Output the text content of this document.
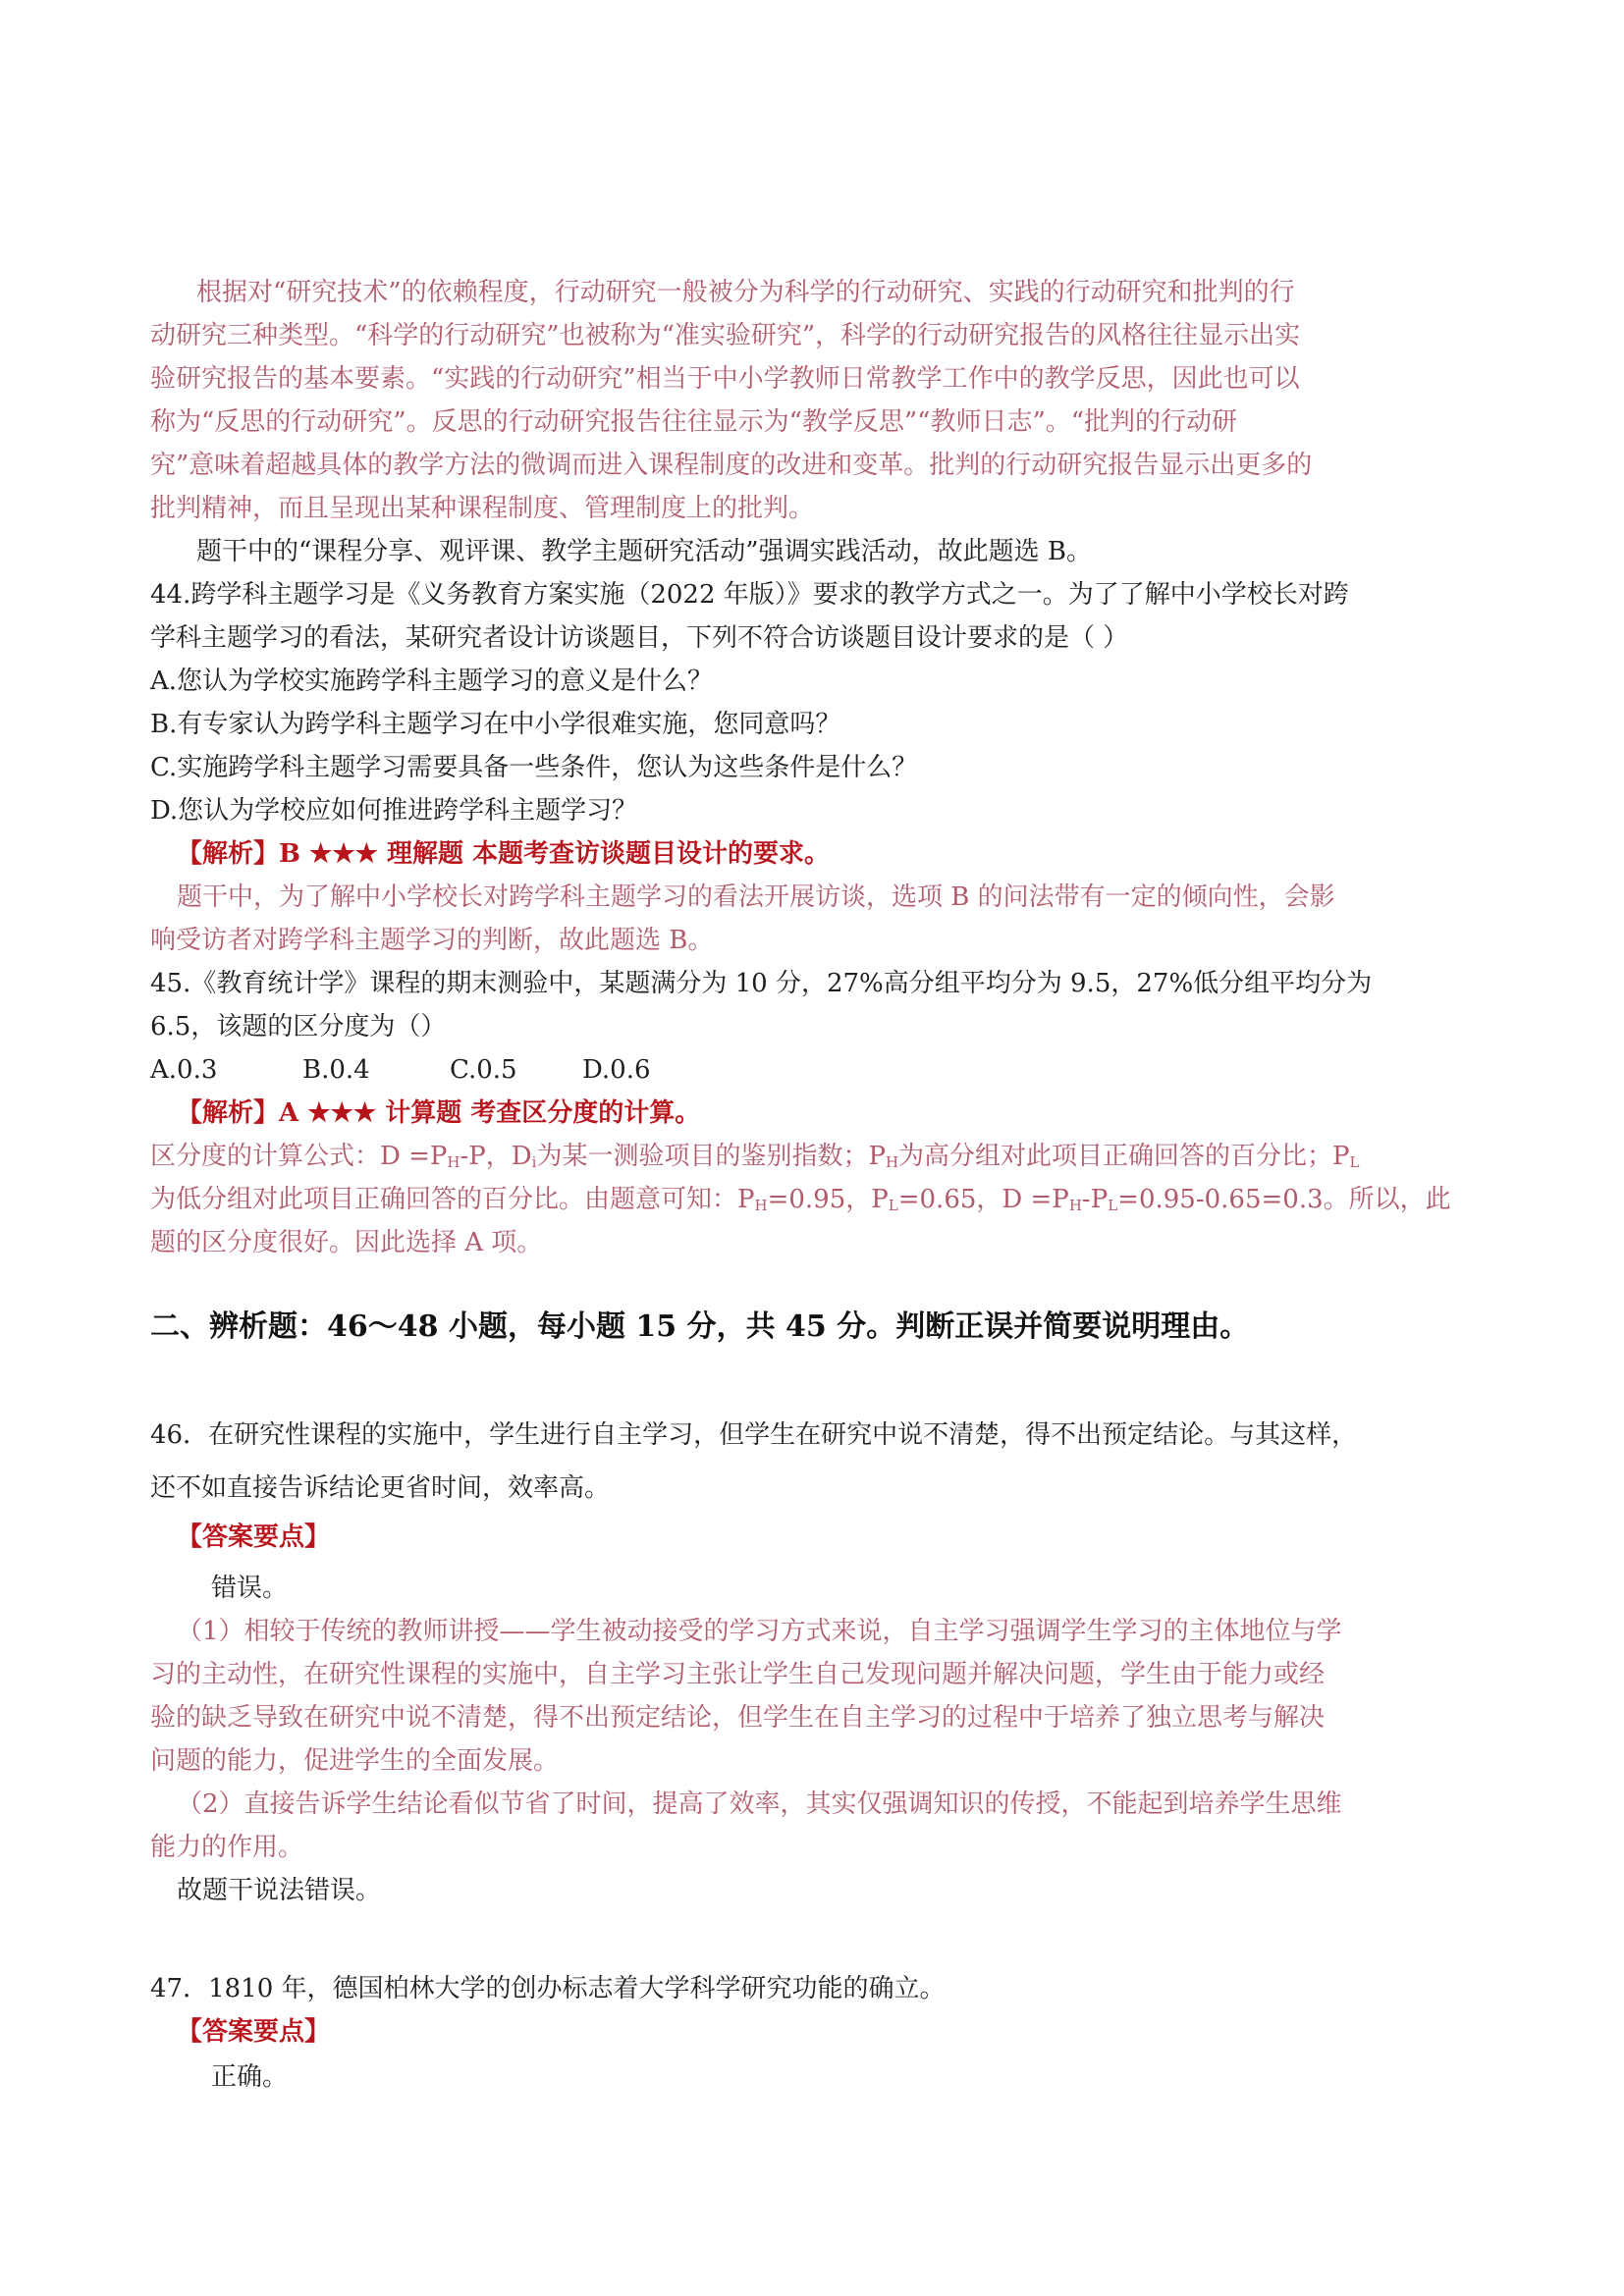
根据对“研究技术”的依赖程度，行动研究一般被分为科学的行动研究、实践的行动研究和批判的行
动研究三种类型。“科学的行动研究”也被称为“准实验研究”，科学的行动研究报告的风格往往显示出实
验研究报告的基本要素。“实践的行动研究”相当于中小学教师日常教学工作中的教学反思，因此也可以
称为“反思的行动研究”。反思的行动研究报告往往显示为“教学反思”“教师日志”。“批判的行动研
究”意味着超越具体的教学方法的微调而进入课程制度的改进和变革。批判的行动研究报告显示出更多的
批判精神，而且呈现出某种课程制度、管理制度上的批判。
题干中的“课程分享、观评课、教学主题研究活动”强调实践活动，故此题选 B。
44.跨学科主题学习是《义务教育方案实施（2022 年版）》要求的教学方式之一。为了了解中小学校长对跨
学科主题学习的看法，某研究者设计访谈题目，下列不符合访谈题目设计要求的是（ ）
A.您认为学校实施跨学科主题学习的意义是什么？
B.有专家认为跨学科主题学习在中小学很难实施，您同意吗？
C.实施跨学科主题学习需要具备一些条件，您认为这些条件是什么？
D.您认为学校应如何推进跨学科主题学习？
【解析】B ★★★ 理解题 本题考查访谈题目设计的要求。
题干中，为了解中小学校长对跨学科主题学习的看法开展访谈，选项 B 的问法带有一定的倾向性，会影
响受访者对跨学科主题学习的判断，故此题选 B。
45.《教育统计学》课程的期末测验中，某题满分为 10 分，27%高分组平均分为 9.5，27%低分组平均分为
6.5，该题的区分度为（）
A.0.3	B.0.4	C.0.5	D.0.6
【解析】A ★★★ 计算题 考查区分度的计算。
区分度的计算公式：$D =P_H-P$，$D_i$为某一测验项目的鉴别指数；$P_H$为高分组对此项目正确回答的百分比；$P_L$
为低分组对此项目正确回答的百分比。由题意可知：$P_H=0.95$，$P_L=0.65$，$D =P_H-P_L=0.95-0.65=0.3$。所以，此
题的区分度很好。因此选择 A 项。
二、辨析题：46～48 小题，每小题 15 分，共 45 分。判断正误并简要说明理由。
46．在研究性课程的实施中，学生进行自主学习，但学生在研究中说不清楚，得不出预定结论。与其这样，
还不如直接告诉结论更省时间，效率高。
【答案要点】
错误。
（1）相较于传统的教师讲授——学生被动接受的学习方式来说，自主学习强调学生学习的主体地位与学
习的主动性，在研究性课程的实施中，自主学习主张让学生自己发现问题并解决问题，学生由于能力或经
验的缺乏导致在研究中说不清楚，得不出预定结论，但学生在自主学习的过程中于培养了独立思考与解决
问题的能力，促进学生的全面发展。
（2）直接告诉学生结论看似节省了时间，提高了效率，其实仅强调知识的传授，不能起到培养学生思维
能力的作用。
故题干说法错误。
47．1810 年，德国柏林大学的创办标志着大学科学研究功能的确立。
【答案要点】
正确。
